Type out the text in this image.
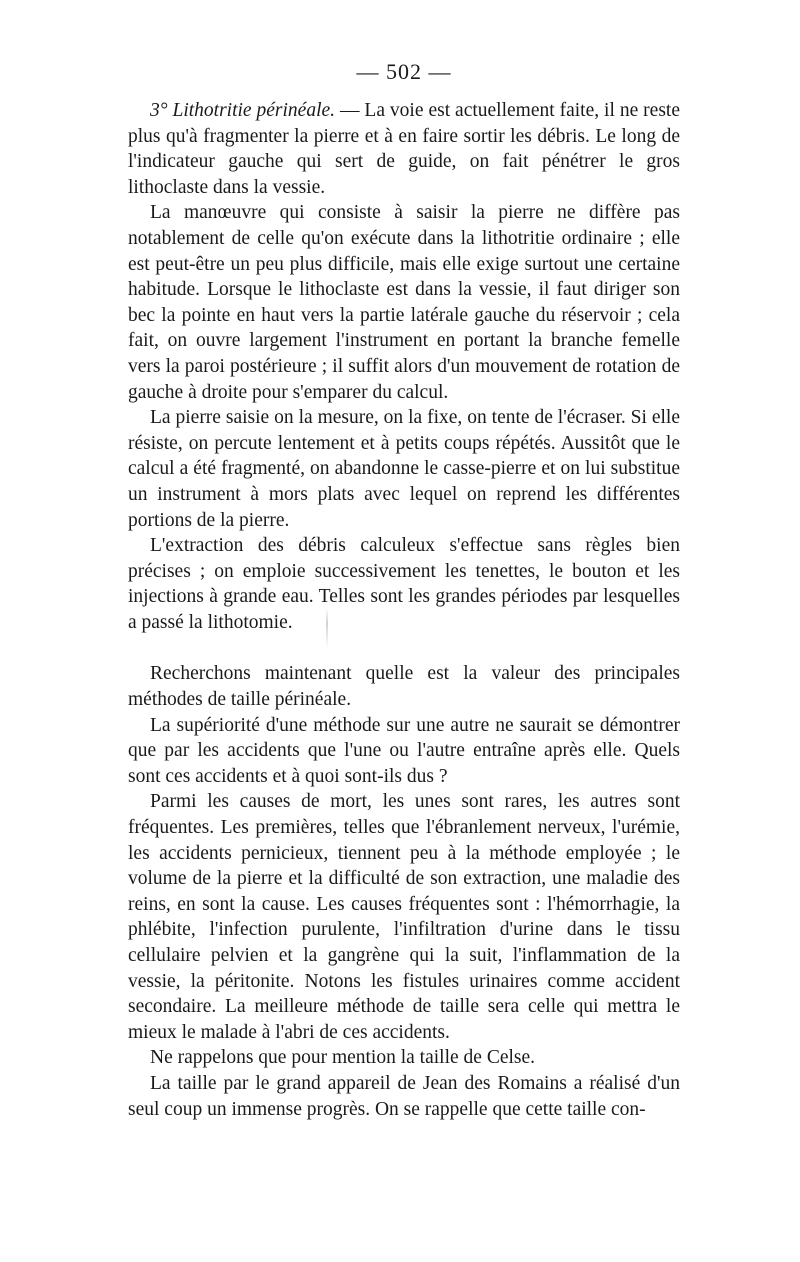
— 502 —

3° Lithotritie périnéale. — La voie est actuellement faite, il ne reste plus qu'à fragmenter la pierre et à en faire sortir les débris. Le long de l'indicateur gauche qui sert de guide, on fait pénétrer le gros lithoclaste dans la vessie.

La manœuvre qui consiste à saisir la pierre ne diffère pas notablement de celle qu'on exécute dans la lithotritie ordinaire ; elle est peut-être un peu plus difficile, mais elle exige surtout une certaine habitude. Lorsque le lithoclaste est dans la vessie, il faut diriger son bec la pointe en haut vers la partie latérale gauche du réservoir ; cela fait, on ouvre largement l'instrument en portant la branche femelle vers la paroi postérieure ; il suffit alors d'un mouvement de rotation de gauche à droite pour s'emparer du calcul.

La pierre saisie on la mesure, on la fixe, on tente de l'écraser. Si elle résiste, on percute lentement et à petits coups répétés. Aussitôt que le calcul a été fragmenté, on abandonne le casse-pierre et on lui substitue un instrument à mors plats avec lequel on reprend les différentes portions de la pierre.

L'extraction des débris calculeux s'effectue sans règles bien précises ; on emploie successivement les tenettes, le bouton et les injections à grande eau. Telles sont les grandes périodes par lesquelles a passé la lithotomie.

Recherchons maintenant quelle est la valeur des principales méthodes de taille périnéale.

La supériorité d'une méthode sur une autre ne saurait se démontrer que par les accidents que l'une ou l'autre entraîne après elle. Quels sont ces accidents et à quoi sont-ils dus ?

Parmi les causes de mort, les unes sont rares, les autres sont fréquentes. Les premières, telles que l'ébranlement nerveux, l'urémie, les accidents pernicieux, tiennent peu à la méthode employée ; le volume de la pierre et la difficulté de son extraction, une maladie des reins, en sont la cause. Les causes fréquentes sont : l'hémorrhagie, la phlébite, l'infection purulente, l'infiltration d'urine dans le tissu cellulaire pelvien et la gangrène qui la suit, l'inflammation de la vessie, la péritonite. Notons les fistules urinaires comme accident secondaire. La meilleure méthode de taille sera celle qui mettra le mieux le malade à l'abri de ces accidents.

Ne rappelons que pour mention la taille de Celse.

La taille par le grand appareil de Jean des Romains a réalisé d'un seul coup un immense progrès. On se rappelle que cette taille con-
